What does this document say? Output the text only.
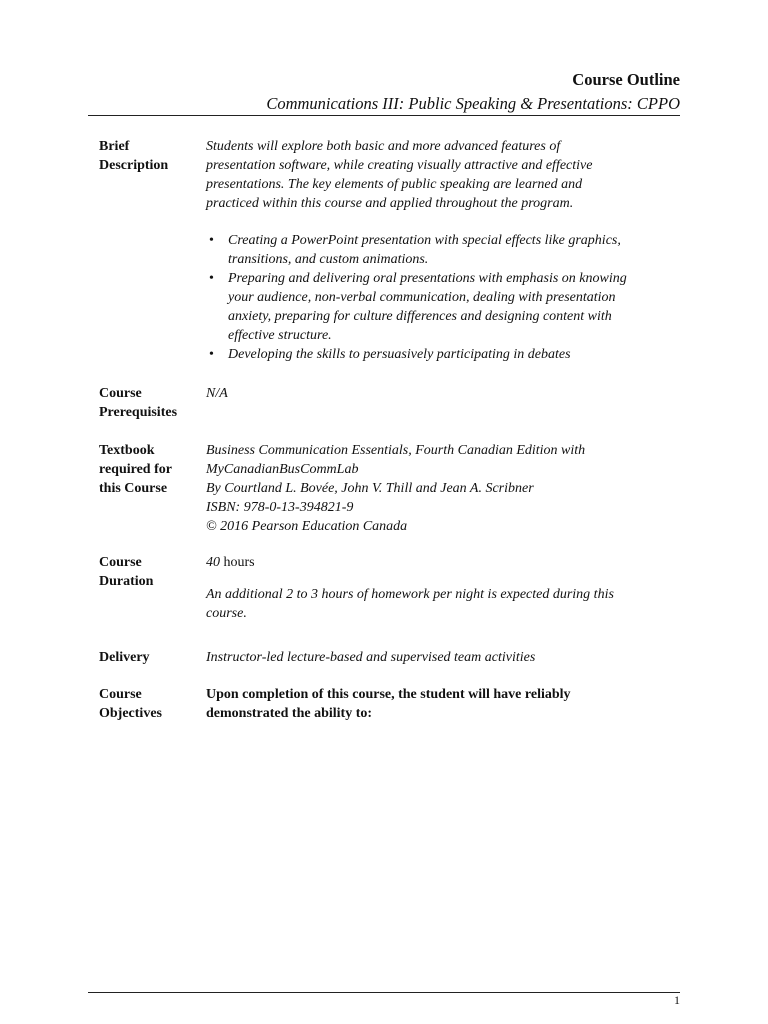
Course Outline
Communications III: Public Speaking & Presentations: CPPO
Brief
Description

Students will explore both basic and more advanced features of
presentation software, while creating visually attractive and effective
presentations. The key elements of public speaking are learned and
practiced within this course and applied throughout the program.

• Creating a PowerPoint presentation with special effects like graphics,
transitions, and custom animations.
• Preparing and delivering oral presentations with emphasis on knowing
your audience, non-verbal communication, dealing with presentation
anxiety, preparing for culture differences and designing content with
effective structure.
• Developing the skills to persuasively participating in debates
Course
Prerequisites
N/A
Textbook
required for
this Course
Business Communication Essentials, Fourth Canadian Edition with
MyCanadianBusCommLab
By Courtland L. Bovée, John V. Thill and Jean A. Scribner
ISBN: 978-0-13-394821-9
© 2016 Pearson Education Canada
Course
Duration
40 hours
An additional 2 to 3 hours of homework per night is expected during this
course.
Delivery	Instructor-led lecture-based and supervised team activities
Course
Objectives
Upon completion of this course, the student will have reliably
demonstrated the ability to:
1
